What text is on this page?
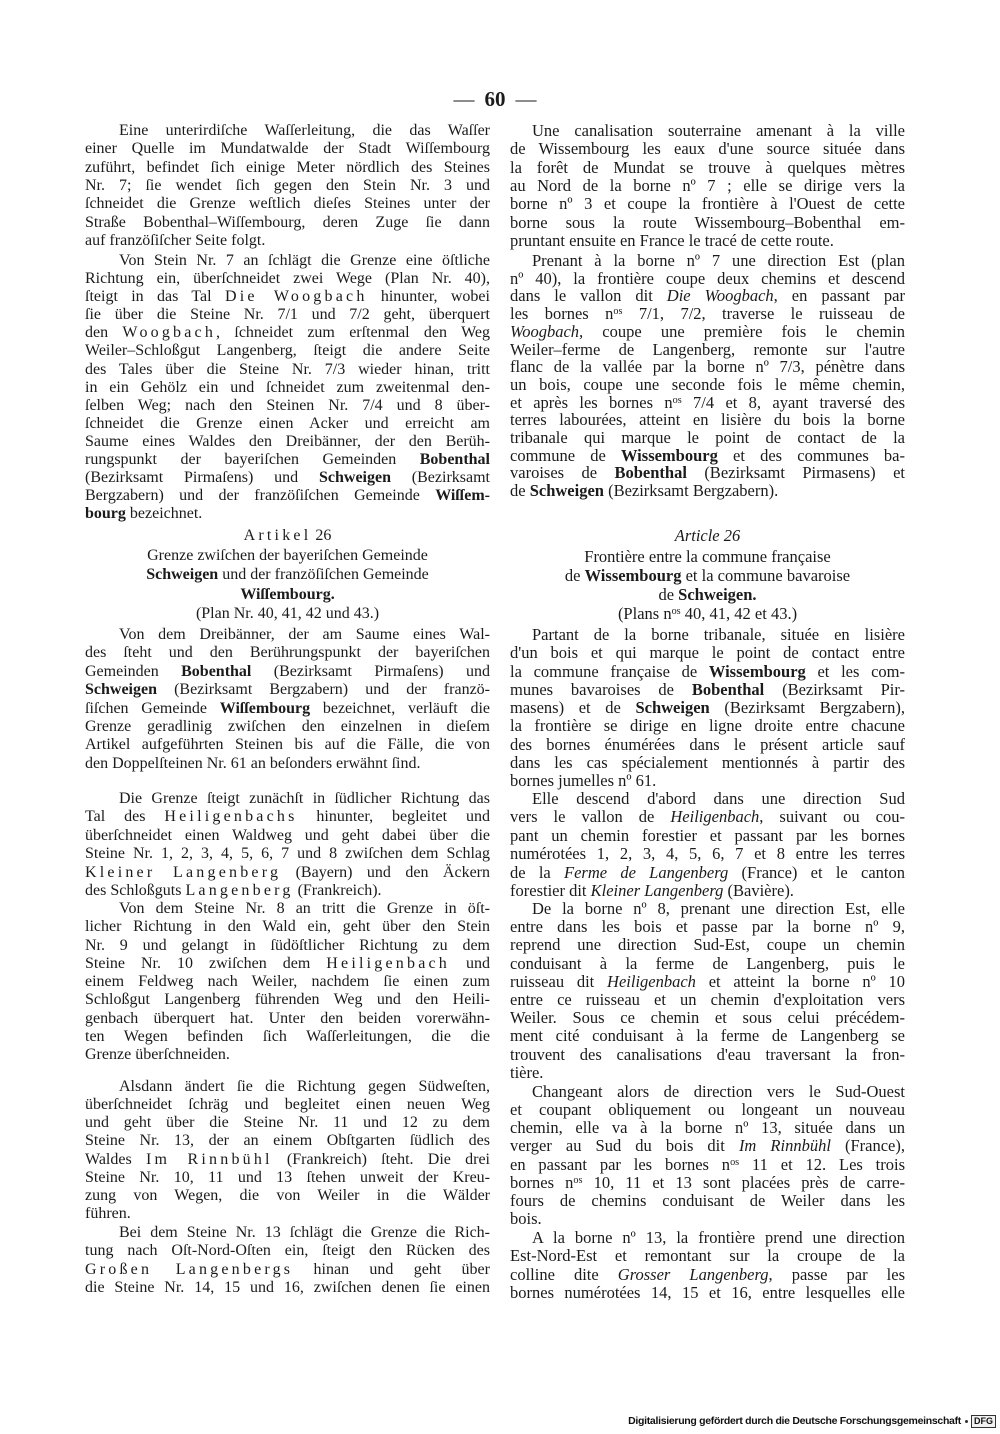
— 60 —
Eine unterirdiſche Waſſerleitung, die das Waſſer
einer Quelle im Mundatwalde der Stadt Wiſſembourg
zuführt, befindet ſich einige Meter nördlich des Steines
Nr. 7; ſie wendet ſich gegen den Stein Nr. 3 und
ſchneidet die Grenze weſtlich dieſes Steines unter der
Straße Bobenthal–Wiſſembourg, deren Zuge ſie dann
auf franzöſiſcher Seite folgt.
Von Stein Nr. 7 an ſchlägt die Grenze eine öſtliche
Richtung ein, überſchneidet zwei Wege (Plan Nr. 40),
ſteigt in das Tal Die Woogbach hinunter, wobei
ſie über die Steine Nr. 7/1 und 7/2 geht, überquert
den Woogbach, ſchneidet zum erſtenmal den Weg
Weiler–Schloßgut Langenberg, ſteigt die andere Seite
des Tales über die Steine Nr. 7/3 wieder hinan, tritt
in ein Gehölz ein und ſchneidet zum zweitenmal den-
ſelben Weg; nach den Steinen Nr. 7/4 und 8 über-
ſchneidet die Grenze einen Acker und erreicht am
Saume eines Waldes den Dreibänner, der den Berüh-
rungspunkt der bayeriſchen Gemeinden Bobenthal
(Bezirksamt Pirmaſens) und Schweigen (Bezirksamt
Bergzabern) und der franzöſiſchen Gemeinde Wiſſem-
bourg bezeichnet.
Artikel 26
Grenze zwiſchen der bayeriſchen Gemeinde
Schweigen und der franzöſiſchen Gemeinde
Wiſſembourg.
(Plan Nr. 40, 41, 42 und 43.)
Von dem Dreibänner, der am Saume eines Wal-
des ſteht und den Berührungspunkt der bayeriſchen
Gemeinden Bobenthal (Bezirksamt Pirmaſens) und
Schweigen (Bezirksamt Bergzabern) und der franzö-
ſiſchen Gemeinde Wiſſembourg bezeichnet, verläuft die
Grenze geradlinig zwiſchen den einzelnen in dieſem
Artikel aufgeführten Steinen bis auf die Fälle, die von
den Doppelſteinen Nr. 61 an beſonders erwähnt ſind.
Die Grenze ſteigt zunächſt in ſüdlicher Richtung das
Tal des Heiligenbachs hinunter, begleitet und
überſchneidet einen Waldweg und geht dabei über die
Steine Nr. 1, 2, 3, 4, 5, 6, 7 und 8 zwiſchen dem Schlag
Kleiner Langenberg (Bayern) und den Äckern
des Schloßguts Langenberg (Frankreich).
Von dem Steine Nr. 8 an tritt die Grenze in öſt-
licher Richtung in den Wald ein, geht über den Stein
Nr. 9 und gelangt in ſüdöſtlicher Richtung zu dem
Steine Nr. 10 zwiſchen dem Heiligenbach und
einem Feldweg nach Weiler, nachdem ſie einen zum
Schloßgut Langenberg führenden Weg und den Heili-
genbach überquert hat. Unter den beiden vorerwähn-
ten Wegen befinden ſich Waſſerleitungen, die die
Grenze überſchneiden.
Alsdann ändert ſie die Richtung gegen Südweſten,
überſchneidet ſchräg und begleitet einen neuen Weg
und geht über die Steine Nr. 11 und 12 zu dem
Steine Nr. 13, der an einem Obſtgarten ſüdlich des
Waldes Im Rinnbühl (Frankreich) ſteht. Die drei
Steine Nr. 10, 11 und 13 ſtehen unweit der Kreu-
zung von Wegen, die von Weiler in die Wälder
führen.
Bei dem Steine Nr. 13 ſchlägt die Grenze die Rich-
tung nach Oſt-Nord-Oſten ein, ſteigt den Rücken des
Großen Langenbergs hinan und geht über
die Steine Nr. 14, 15 und 16, zwiſchen denen ſie einen
Une canalisation souterraine amenant à la ville
de Wissembourg les eaux d'une source située dans
la forêt de Mundat se trouve à quelques mètres
au Nord de la borne nº 7 ; elle se dirige vers la
borne nº 3 et coupe la frontière à l'Ouest de cette
borne sous la route Wissembourg–Bobenthal em-
pruntant ensuite en France le tracé de cette route.
Prenant à la borne nº 7 une direction Est (plan
nº 40), la frontière coupe deux chemins et descend
dans le vallon dit Die Woogbach, en passant par
les bornes $n^{os}$ 7/1, 7/2, traverse le ruisseau de
Woogbach, coupe une première fois le chemin
Weiler–ferme de Langenberg, remonte sur l'autre
flanc de la vallée par la borne nº 7/3, pénètre dans
un bois, coupe une seconde fois le même chemin,
et après les bornes $n^{os}$ 7/4 et 8, ayant traversé des
terres labourées, atteint en lisière du bois la borne
tribanale qui marque le point de contact de la
commune de Wissembourg et des communes ba-
varoises de Bobenthal (Bezirksamt Pirmasens) et
de Schweigen (Bezirksamt Bergzabern).
Article 26
Frontière entre la commune française
de Wissembourg et la commune bavaroise
de Schweigen.
(Plans $n^{os}$ 40, 41, 42 et 43.)
Partant de la borne tribanale, située en lisière
d'un bois et qui marque le point de contact entre
la commune française de Wissembourg et les com-
munes bavaroises de Bobenthal (Bezirksamt Pir-
masens) et de Schweigen (Bezirksamt Bergzabern),
la frontière se dirige en ligne droite entre chacune
des bornes énumérées dans le présent article sauf
dans les cas spécialement mentionnés à partir des
bornes jumelles nº 61.
Elle descend d'abord dans une direction Sud
vers le vallon de Heiligenbach, suivant ou cou-
pant un chemin forestier et passant par les bornes
numérotées 1, 2, 3, 4, 5, 6, 7 et 8 entre les terres
de la Ferme de Langenberg (France) et le canton
forestier dit Kleiner Langenberg (Bavière).
De la borne nº 8, prenant une direction Est, elle
entre dans les bois et passe par la borne nº 9,
reprend une direction Sud-Est, coupe un chemin
conduisant à la ferme de Langenberg, puis le
ruisseau dit Heiligenbach et atteint la borne nº 10
entre ce ruisseau et un chemin d'exploitation vers
Weiler. Sous ce chemin et sous celui précédem-
ment cité conduisant à la ferme de Langenberg se
trouvent des canalisations d'eau traversant la fron-
tière.
Changeant alors de direction vers le Sud-Ouest
et coupant obliquement ou longeant un nouveau
chemin, elle va à la borne nº 13, située dans un
verger au Sud du bois dit Im Rinnbühl (France),
en passant par les bornes $n^{os}$ 11 et 12. Les trois
bornes $n^{os}$ 10, 11 et 13 sont placées près de carre-
fours de chemins conduisant de Weiler dans les
bois.
A la borne nº 13, la frontière prend une direction
Est-Nord-Est et remontant sur la croupe de la
colline dite Grosser Langenberg, passe par les
bornes numérotées 14, 15 et 16, entre lesquelles elle
Digitalisierung gefördert durch die Deutsche Forschungsgemeinschaft	DFG
